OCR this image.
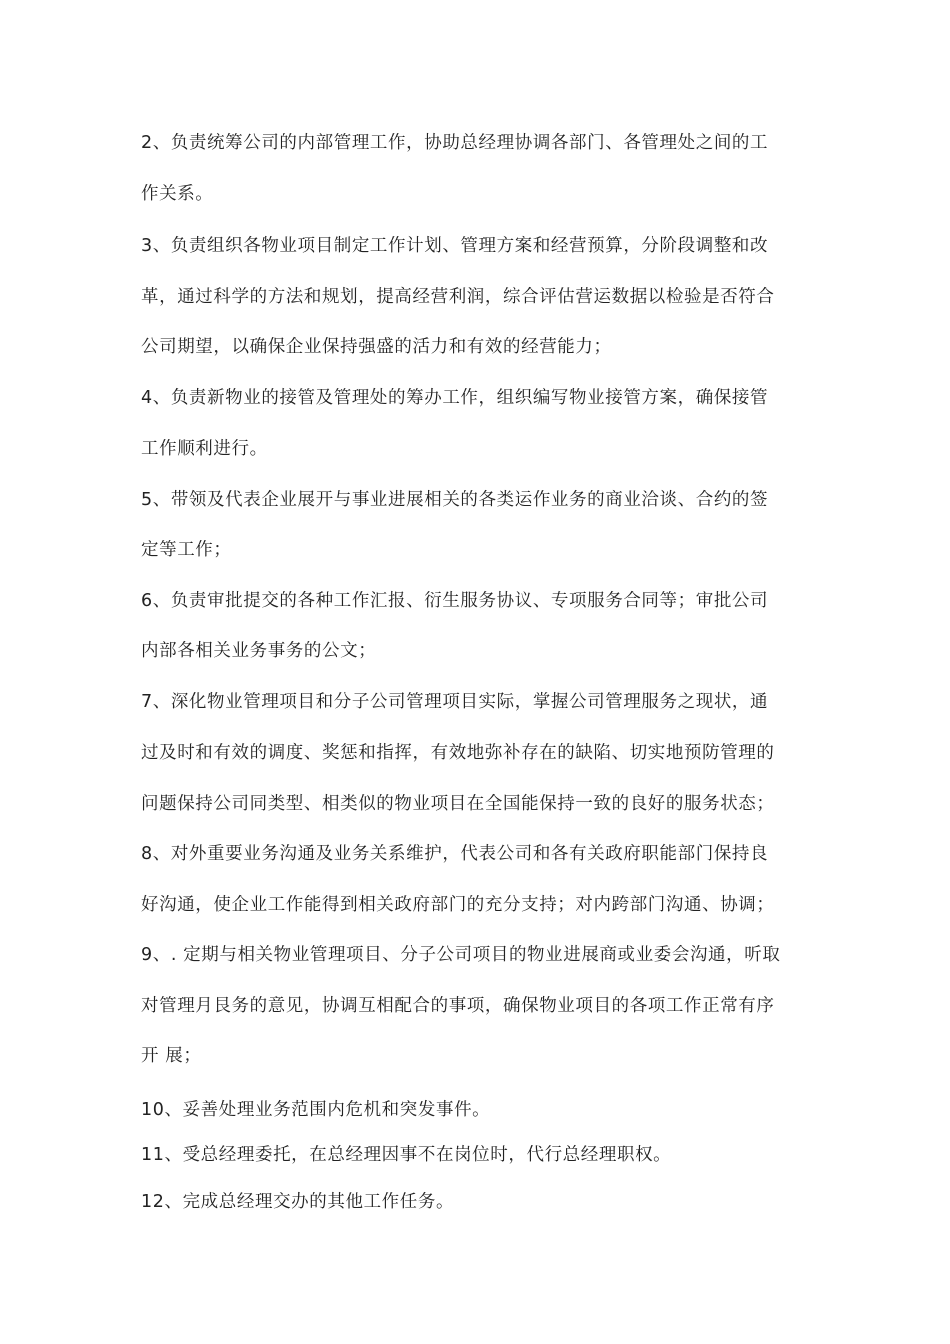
2、负责统筹公司的内部管理工作，协助总经理协调各部门、各管理处之间的工

作关系。

3、负责组织各物业项目制定工作计划、管理方案和经营预算，分阶段调整和改

革，通过科学的方法和规划，提高经营利润，综合评估营运数据以检验是否符合

公司期望，以确保企业保持强盛的活力和有效的经营能力；

4、负责新物业的接管及管理处的筹办工作，组织编写物业接管方案，确保接管

工作顺利进行。

5、带领及代表企业展开与事业进展相关的各类运作业务的商业洽谈、合约的签

定等工作；

6、负责审批提交的各种工作汇报、衍生服务协议、专项服务合同等；审批公司

内部各相关业务事务的公文；

7、深化物业管理项目和分子公司管理项目实际，掌握公司管理服务之现状，通

过及时和有效的调度、奖惩和指挥，有效地弥补存在的缺陷、切实地预防管理的

问题保持公司同类型、相类似的物业项目在全国能保持一致的良好的服务状态；

8、对外重要业务沟通及业务关系维护，代表公司和各有关政府职能部门保持良

好沟通，使企业工作能得到相关政府部门的充分支持；对内跨部门沟通、协调；

9、. 定期与相关物业管理项目、分子公司项目的物业进展商或业委会沟通，听取

对管理月艮务的意见，协调互相配合的事项，确保物业项目的各项工作正常有序

开 展；

10、妥善处理业务范围内危机和突发事件。

11、受总经理委托，在总经理因事不在岗位时，代行总经理职权。

12、完成总经理交办的其他工作任务。
